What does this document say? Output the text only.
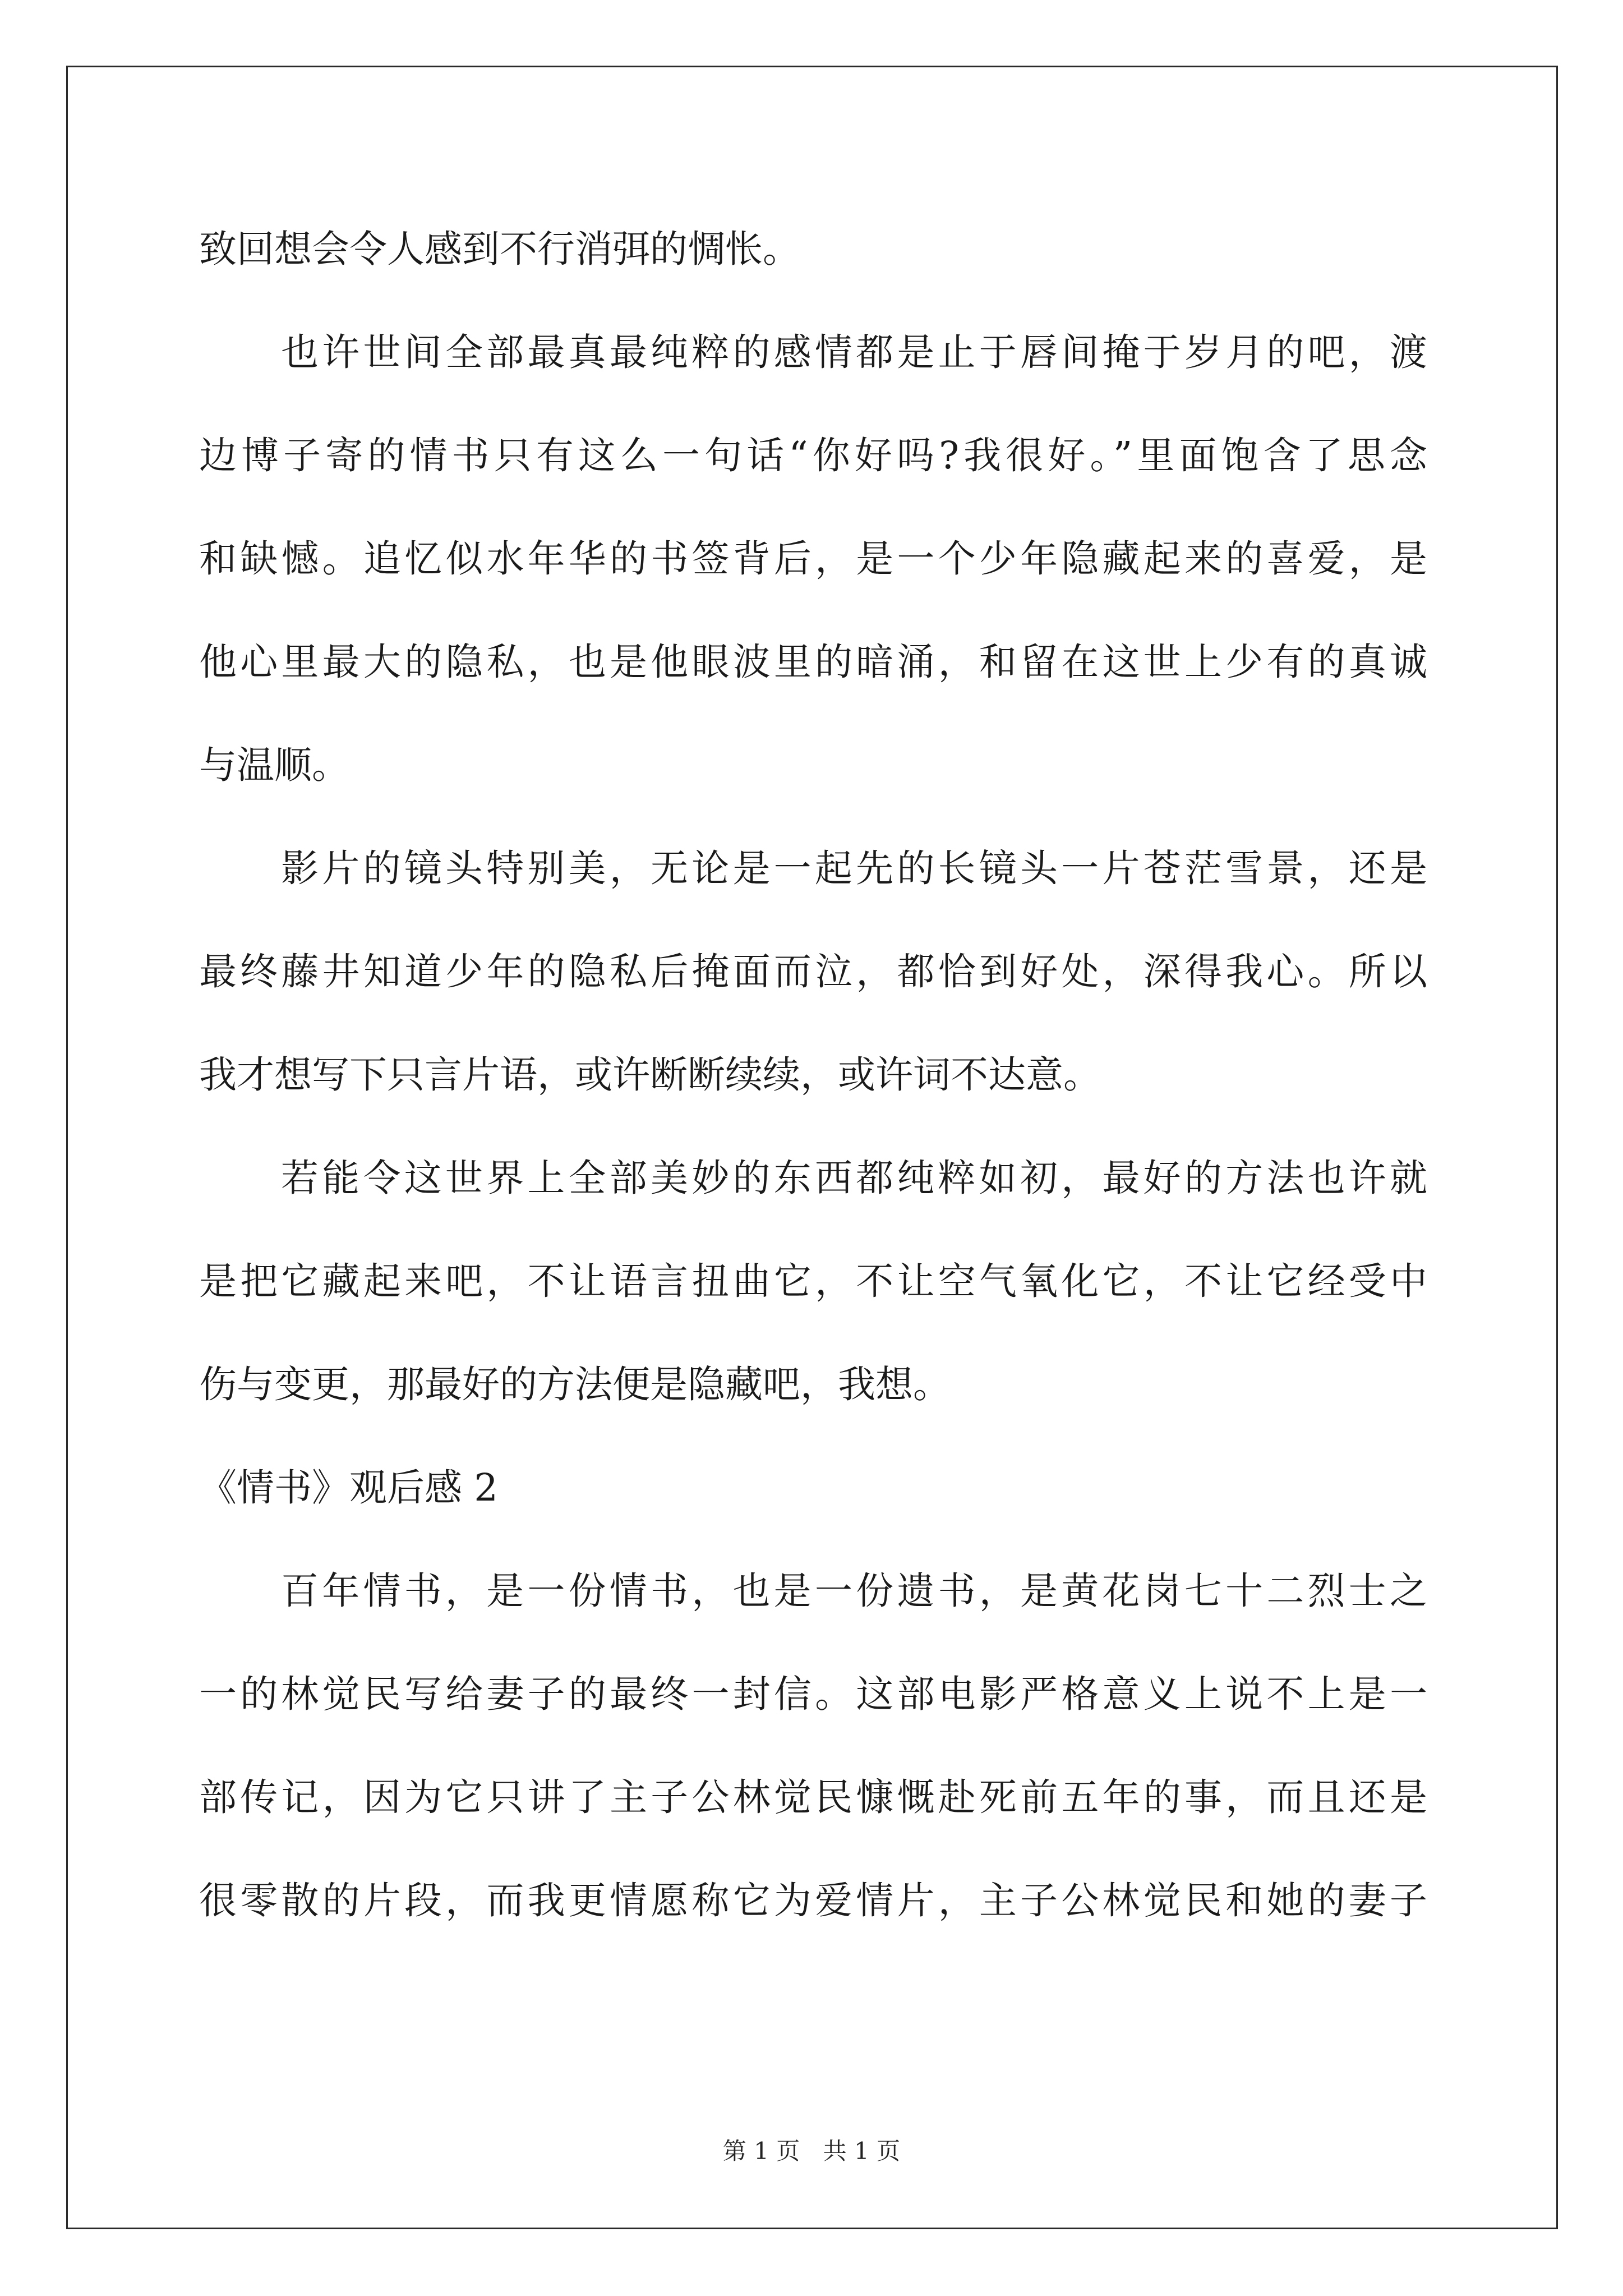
致回想会令人感到不行消弭的惆怅。
也许世间全部最真最纯粹的感情都是止于唇间掩于岁月的吧，渡
边博子寄的情书只有这么一句话“你好吗?我很好。”里面饱含了思念
和缺憾。追忆似水年华的书签背后，是一个少年隐藏起来的喜爱，是
他心里最大的隐私，也是他眼波里的暗涌，和留在这世上少有的真诚
与温顺。
影片的镜头特别美，无论是一起先的长镜头一片苍茫雪景，还是
最终藤井知道少年的隐私后掩面而泣，都恰到好处，深得我心。所以
我才想写下只言片语，或许断断续续，或许词不达意。
若能令这世界上全部美妙的东西都纯粹如初，最好的方法也许就
是把它藏起来吧，不让语言扭曲它，不让空气氧化它，不让它经受中
伤与变更，那最好的方法便是隐藏吧，我想。
《情书》观后感 2
百年情书，是一份情书，也是一份遗书，是黄花岗七十二烈士之
一的林觉民写给妻子的最终一封信。这部电影严格意义上说不上是一
部传记，因为它只讲了主子公林觉民慷慨赴死前五年的事，而且还是
很零散的片段，而我更情愿称它为爱情片，主子公林觉民和她的妻子
第 1 页 共 1 页
